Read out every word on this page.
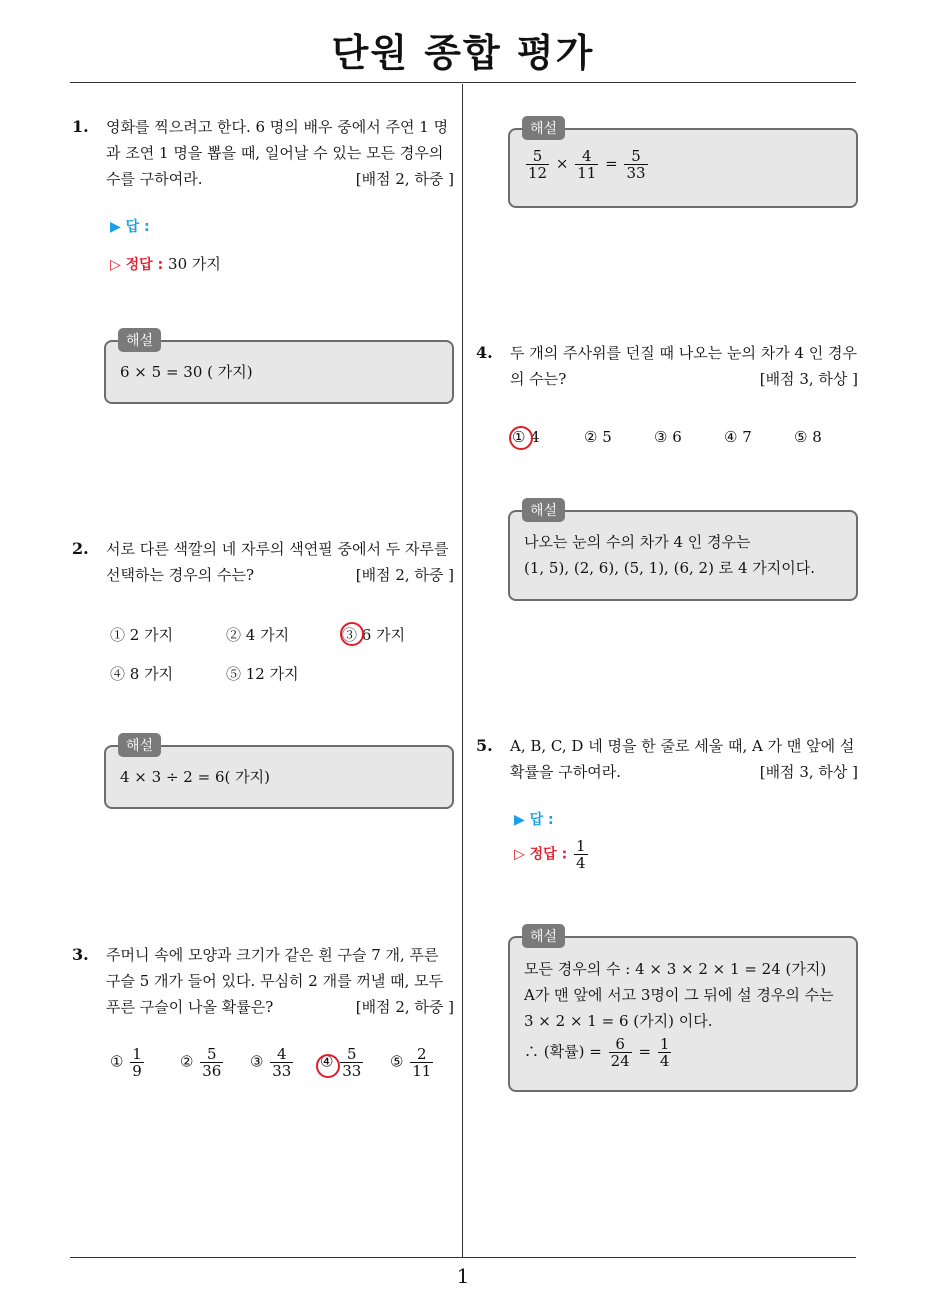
단원 종합 평가
1
1. 영화를 찍으려고 한다. 6 명의 배우 중에서 주연 1 명과 조연 1 명을 뽑을 때, 일어날 수 있는 모든 경우의 수를 구하여라.	[배점 2, 하중 ]
▶ 답 :
▷ 정답 : 30 가지
해설
6 × 5 = 30 ( 가지)
2. 서로 다른 색깔의 네 자루의 색연필 중에서 두 자루를 선택하는 경우의 수는?	[배점 2, 하중 ]
① 2 가지	② 4 가지	③ 6 가지
④ 8 가지	⑤ 12 가지
해설
4 × 3 ÷ 2 = 6( 가지)
3. 주머니 속에 모양과 크기가 같은 흰 구슬 7 개, 푸른 구슬 5 개가 들어 있다. 무심히 2 개를 꺼낼 때, 모두 푸른 구슬이 나올 확률은?	[배점 2, 하중 ]
① $\frac{1}{9}$ ② $\frac{5}{36}$ ③ $\frac{4}{33}$ ④ $\frac{5}{33}$ ⑤ $\frac{2}{11}$
해설
$\frac{5}{12} \times \frac{4}{11} = \frac{5}{33}$
4. 두 개의 주사위를 던질 때 나오는 눈의 차가 4 인 경우의 수는?	[배점 3, 하상 ]
① 4	② 5	③ 6	④ 7	⑤ 8
해설
나오는 눈의 수의 차가 4 인 경우는
(1, 5), (2, 6), (5, 1), (6, 2) 로 4 가지이다.
5. A, B, C, D 네 명을 한 줄로 세울 때, A 가 맨 앞에 설 확률을 구하여라.	[배점 3, 하상 ]
▶ 답 :
▷ 정답 : $\frac{1}{4}$
해설
모든 경우의 수 : 4 × 3 × 2 × 1 = 24 (가지)
A가 맨 앞에 서고 3명이 그 뒤에 설 경우의 수는
3 × 2 × 1 = 6 (가지) 이다.
∴ (확률) = $\frac{6}{24} = \frac{1}{4}$
